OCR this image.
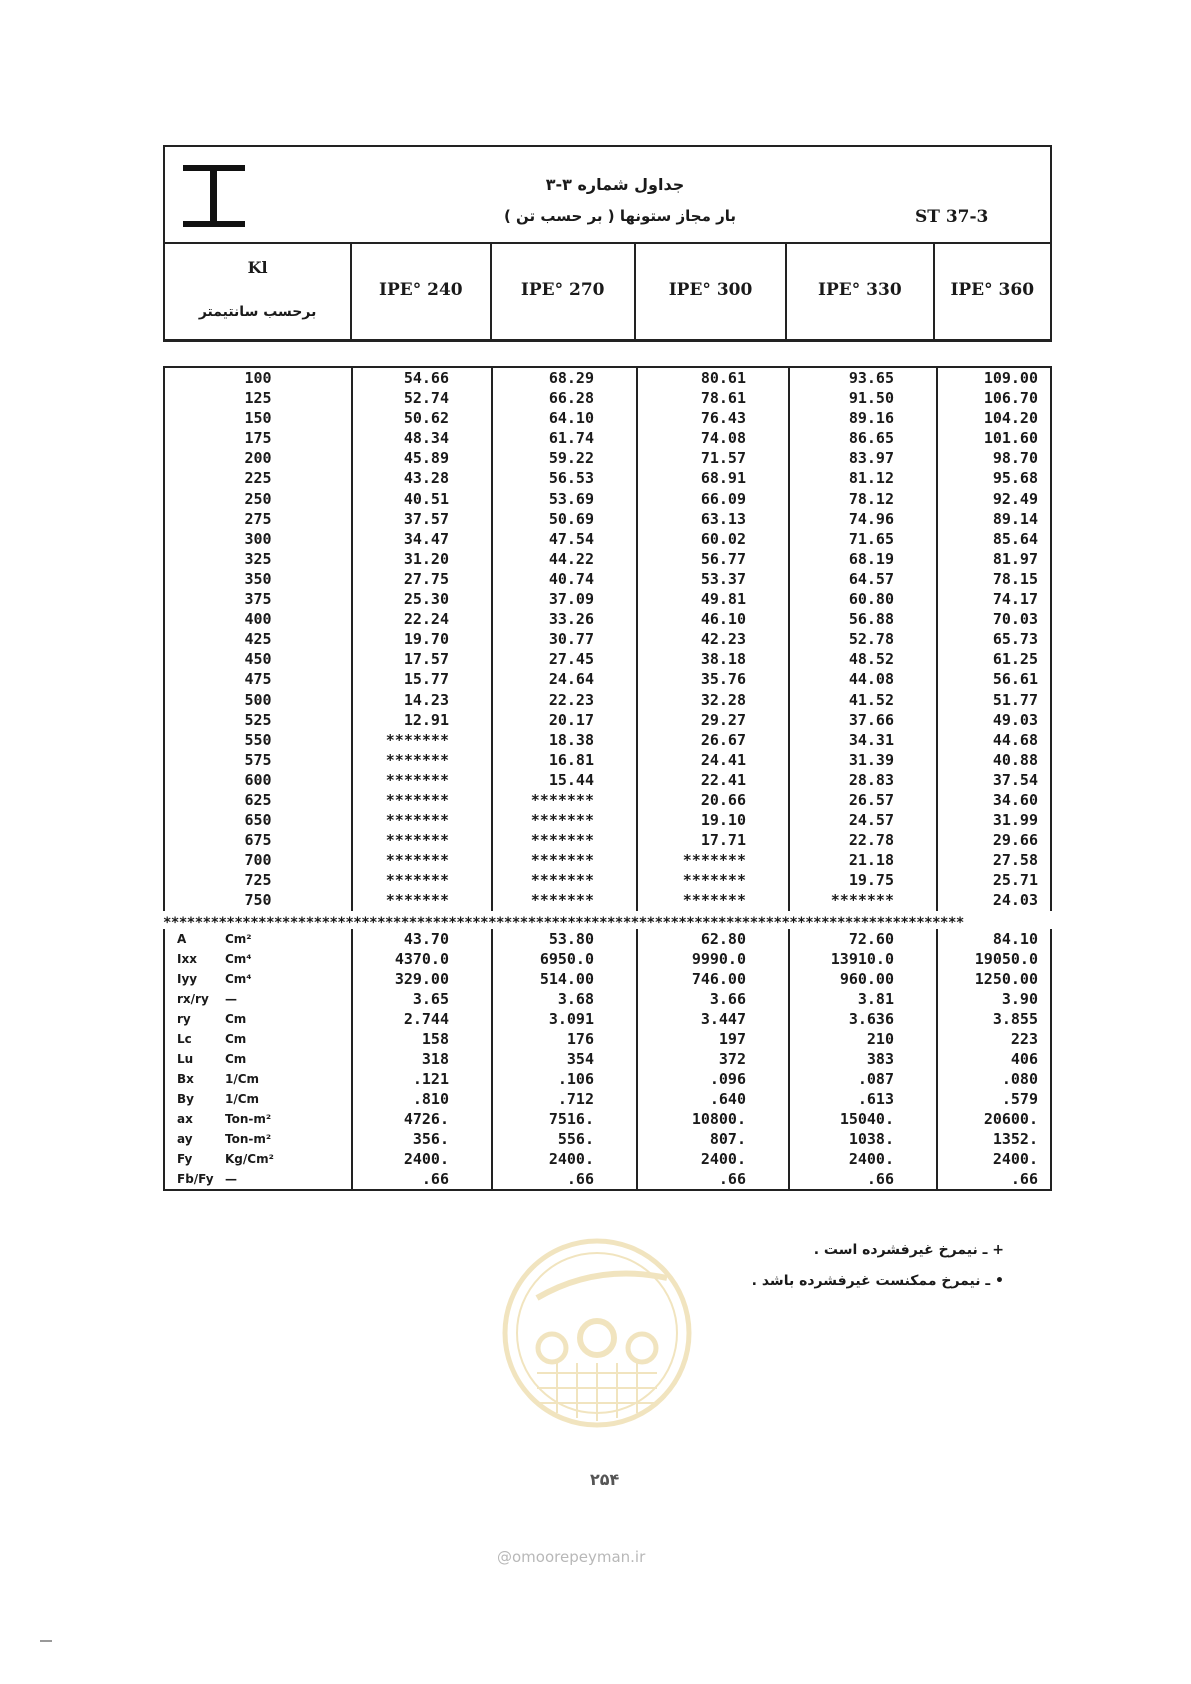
جداول شماره ۳-۳
بار مجاز ستونها ( بر حسب تن )	ST 37-3
Kl
برحسب سانتیمتر
IPE° 240	IPE° 270	IPE° 300	IPE° 330	IPE° 360
100	54.66	68.29	80.61	93.65	109.00
125	52.74	66.28	78.61	91.50	106.70
150	50.62	64.10	76.43	89.16	104.20
175	48.34	61.74	74.08	86.65	101.60
200	45.89	59.22	71.57	83.97	98.70
225	43.28	56.53	68.91	81.12	95.68
250	40.51	53.69	66.09	78.12	92.49
275	37.57	50.69	63.13	74.96	89.14
300	34.47	47.54	60.02	71.65	85.64
325	31.20	44.22	56.77	68.19	81.97
350	27.75	40.74	53.37	64.57	78.15
375	25.30	37.09	49.81	60.80	74.17
400	22.24	33.26	46.10	56.88	70.03
425	19.70	30.77	42.23	52.78	65.73
450	17.57	27.45	38.18	48.52	61.25
475	15.77	24.64	35.76	44.08	56.61
500	14.23	22.23	32.28	41.52	51.77
525	12.91	20.17	29.27	37.66	49.03
550	*******	18.38	26.67	34.31	44.68
575	*******	16.81	24.41	31.39	40.88
600	*******	15.44	22.41	28.83	37.54
625	*******	*******	20.66	26.57	34.60
650	*******	*******	19.10	24.57	31.99
675	*******	*******	17.71	22.78	29.66
700	*******	*******	*******	21.18	27.58
725	*******	*******	*******	19.75	25.71
750	*******	*******	*******	*******	24.03
*****************************************************************************************************
A Cm²	43.70	53.80	62.80	72.60	84.10
Ixx Cm⁴	4370.0	6950.0	9990.0	13910.0	19050.0
Iyy Cm⁴	329.00	514.00	746.00	960.00	1250.00
rx/ry —	3.65	3.68	3.66	3.81	3.90
ry Cm	2.744	3.091	3.447	3.636	3.855
Lc Cm	158	176	197	210	223
Lu Cm	318	354	372	383	406
Bx 1/Cm	.121	.106	.096	.087	.080
By 1/Cm	.810	.712	.640	.613	.579
ax Ton-m²	4726.	7516.	10800.	15040.	20600.
ay Ton-m²	356.	556.	807.	1038.	1352.
Fy Kg/Cm²	2400.	2400.	2400.	2400.	2400.
Fb/Fy —	.66	.66	.66	.66	.66
+ ـ نیمرخ غیرفشرده است .
• ـ نیمرخ ممکنست غیرفشرده باشد .
۲۵۴
@omoorepeyman.ir
